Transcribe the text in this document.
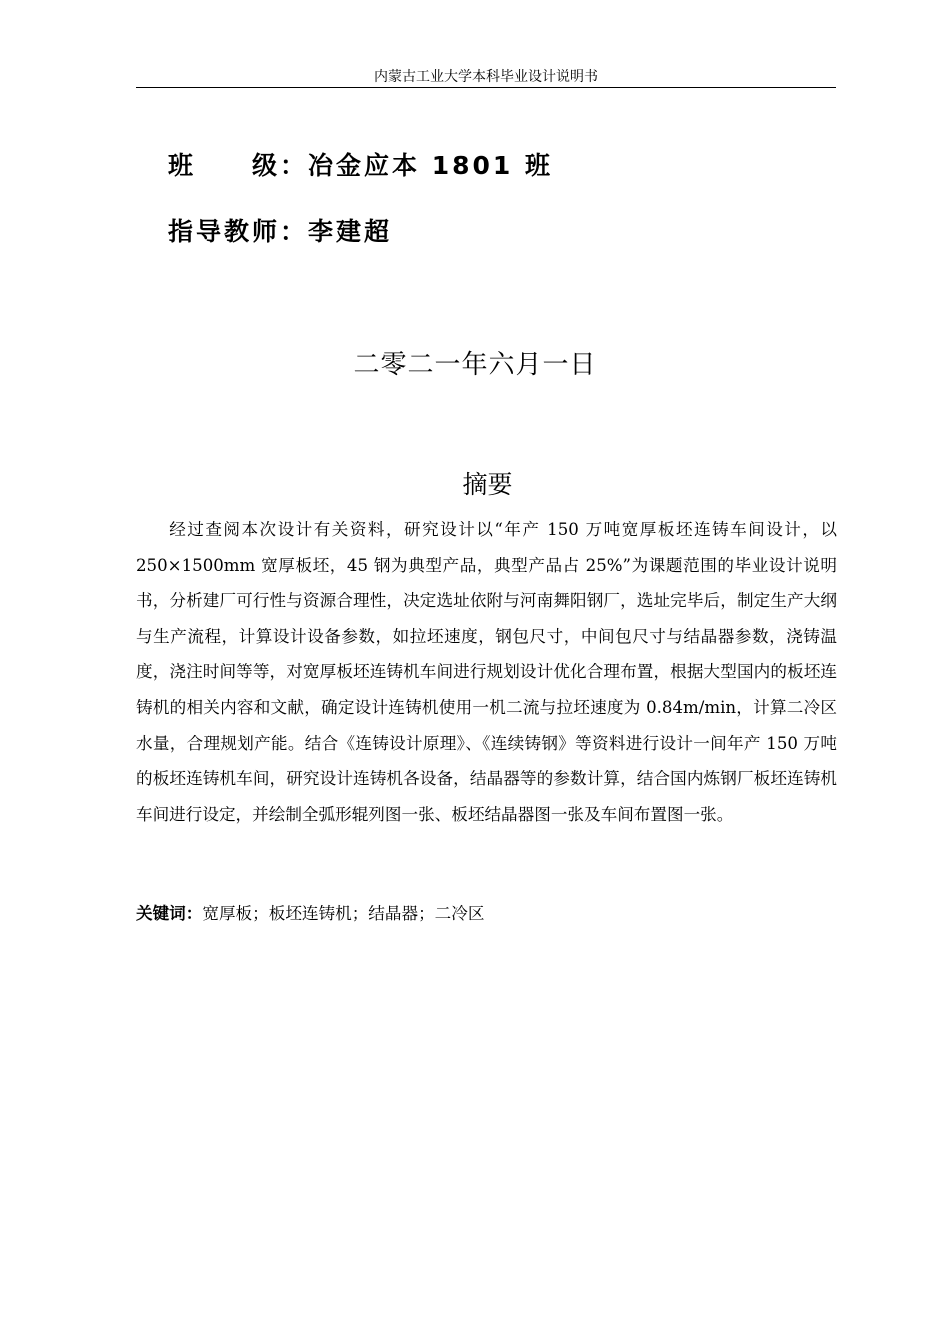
内蒙古工业大学本科毕业设计说明书
班　　级：冶金应本 1801 班
指导教师：李建超
二零二一年六月一日
摘要

经过查阅本次设计有关资料，研究设计以“年产 150 万吨宽厚板坯连铸车间设计，以 250×1500mm 宽厚板坯，45 钢为典型产品，典型产品占 25%”为课题范围的毕业设计说明书，分析建厂可行性与资源合理性，决定选址依附与河南舞阳钢厂，选址完毕后，制定生产大纲与生产流程，计算设计设备参数，如拉坯速度，钢包尺寸，中间包尺寸与结晶器参数，浇铸温度，浇注时间等等，对宽厚板坯连铸机车间进行规划设计优化合理布置，根据大型国内的板坯连铸机的相关内容和文献，确定设计连铸机使用一机二流与拉坯速度为 0.84m/min，计算二冷区水量，合理规划产能。结合《连铸设计原理》、《连续铸钢》等资料进行设计一间年产 150 万吨的板坯连铸机车间，研究设计连铸机各设备，结晶器等的参数计算，结合国内炼钢厂板坯连铸机车间进行设定，并绘制全弧形辊列图一张、板坯结晶器图一张及车间布置图一张。

关键词：宽厚板；板坯连铸机；结晶器；二冷区
